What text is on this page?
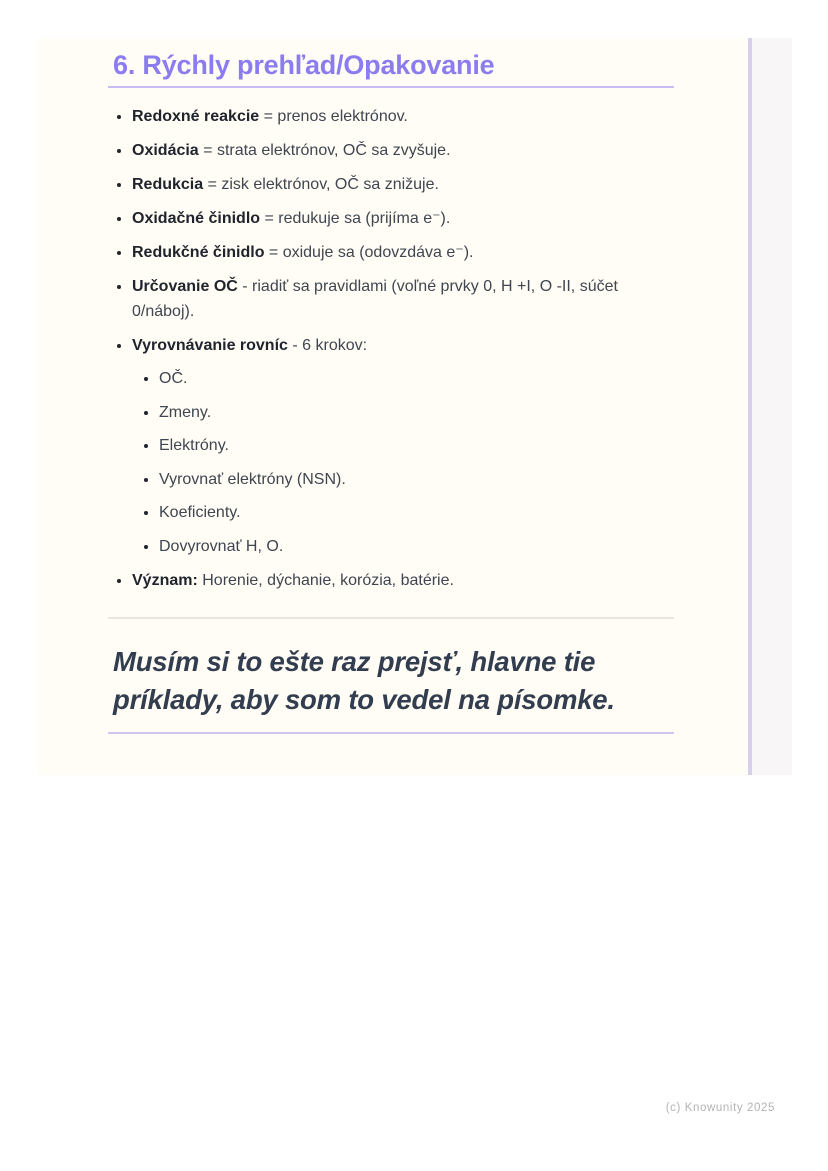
6. Rýchly prehľad/Opakovanie
• Redoxné reakcie = prenos elektrónov.
• Oxidácia = strata elektrónov, OČ sa zvyšuje.
• Redukcia = zisk elektrónov, OČ sa znižuje.
• Oxidačné činidlo = redukuje sa (prijíma e⁻).
• Redukčné činidlo = oxiduje sa (odovzdáva e⁻).
• Určovanie OČ - riadiť sa pravidlami (voľné prvky 0, H +I, O -II, súčet 0/náboj).
• Vyrovnávanie rovníc - 6 krokov:
• OČ.
• Zmeny.
• Elektróny.
• Vyrovnať elektróny (NSN).
• Koeficienty.
• Dovyrovnať H, O.
• Význam: Horenie, dýchanie, korózia, batérie.
Musím si to ešte raz prejsť, hlavne tie príklady, aby som to vedel na písomke.
(c) Knowunity 2025
